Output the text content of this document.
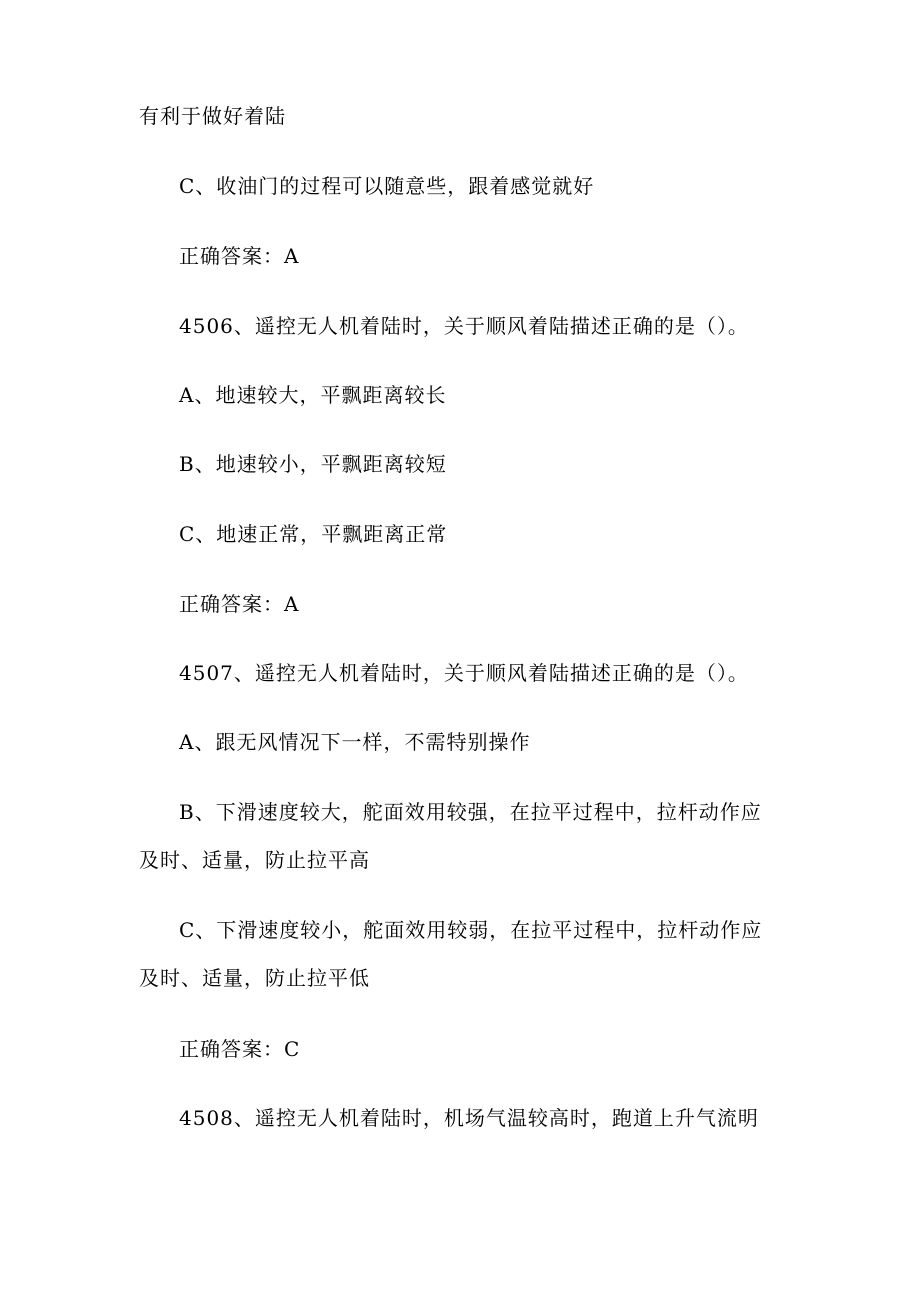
有利于做好着陆
C、收油门的过程可以随意些，跟着感觉就好
正确答案：A
4506、遥控无人机着陆时，关于顺风着陆描述正确的是（）。
A、地速较大，平飘距离较长
B、地速较小，平飘距离较短
C、地速正常，平飘距离正常
正确答案：A
4507、遥控无人机着陆时，关于顺风着陆描述正确的是（）。
A、跟无风情况下一样，不需特别操作
B、下滑速度较大，舵面效用较强，在拉平过程中，拉杆动作应
及时、适量，防止拉平高
C、下滑速度较小，舵面效用较弱，在拉平过程中，拉杆动作应
及时、适量，防止拉平低
正确答案：C
4508、遥控无人机着陆时，机场气温较高时，跑道上升气流明
